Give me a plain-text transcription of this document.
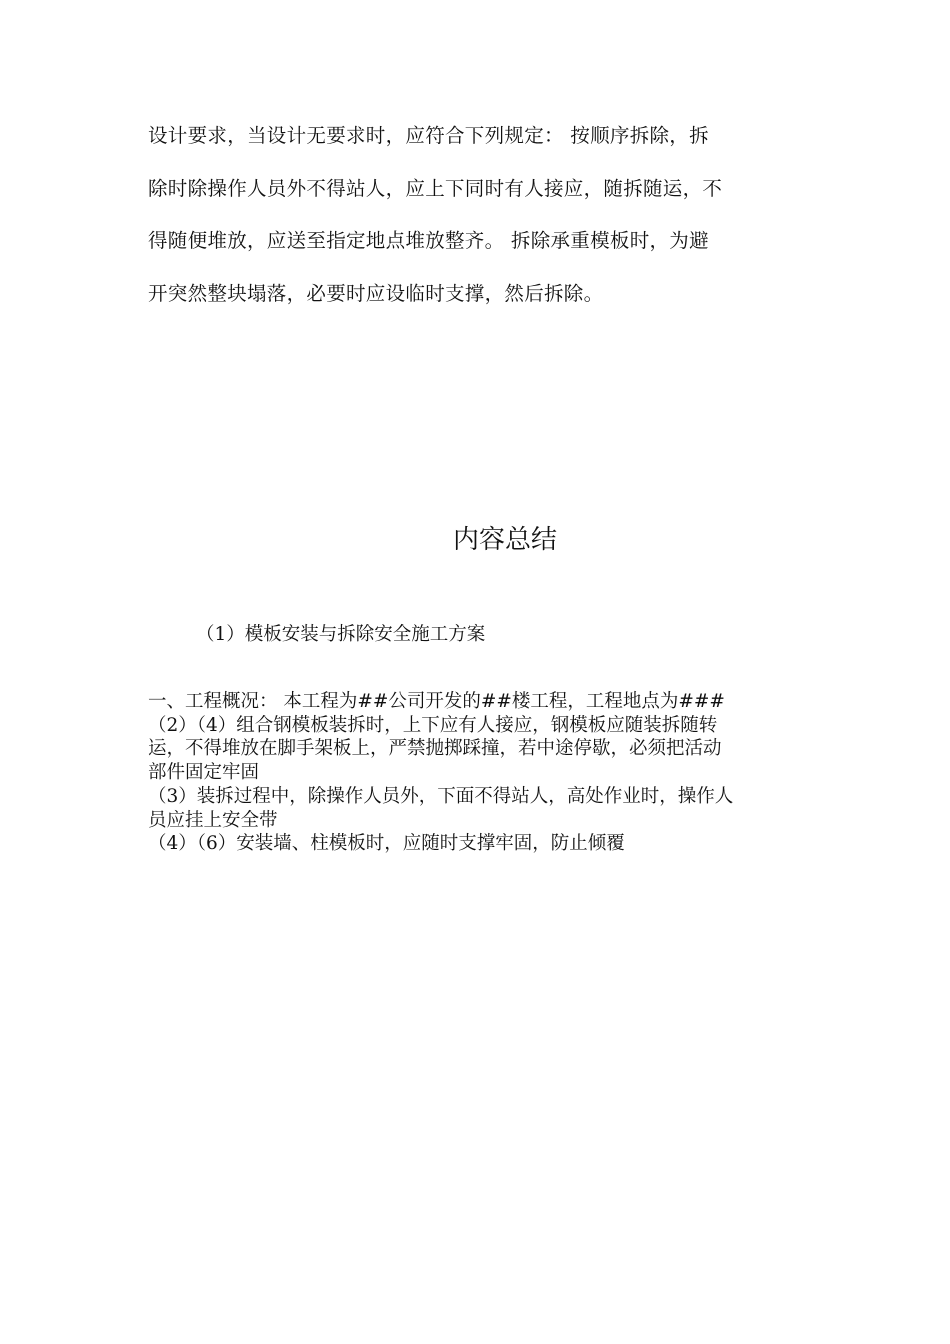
设计要求，当设计无要求时，应符合下列规定： 按顺序拆除，拆
除时除操作人员外不得站人，应上下同时有人接应，随拆随运，不
得随便堆放，应送至指定地点堆放整齐。 拆除承重模板时，为避
开突然整块塌落，必要时应设临时支撑，然后拆除。
内容总结
（1）模板安装与拆除安全施工方案
一、工程概况： 本工程为##公司开发的##楼工程，工程地点为###
（2）（4）组合钢模板装拆时，上下应有人接应，钢模板应随装拆随转
运，不得堆放在脚手架板上，严禁抛掷踩撞，若中途停歇，必须把活动
部件固定牢固
（3）装拆过程中，除操作人员外，下面不得站人，高处作业时，操作人
员应挂上安全带
（4）（6）安装墙、柱模板时，应随时支撑牢固，防止倾覆
